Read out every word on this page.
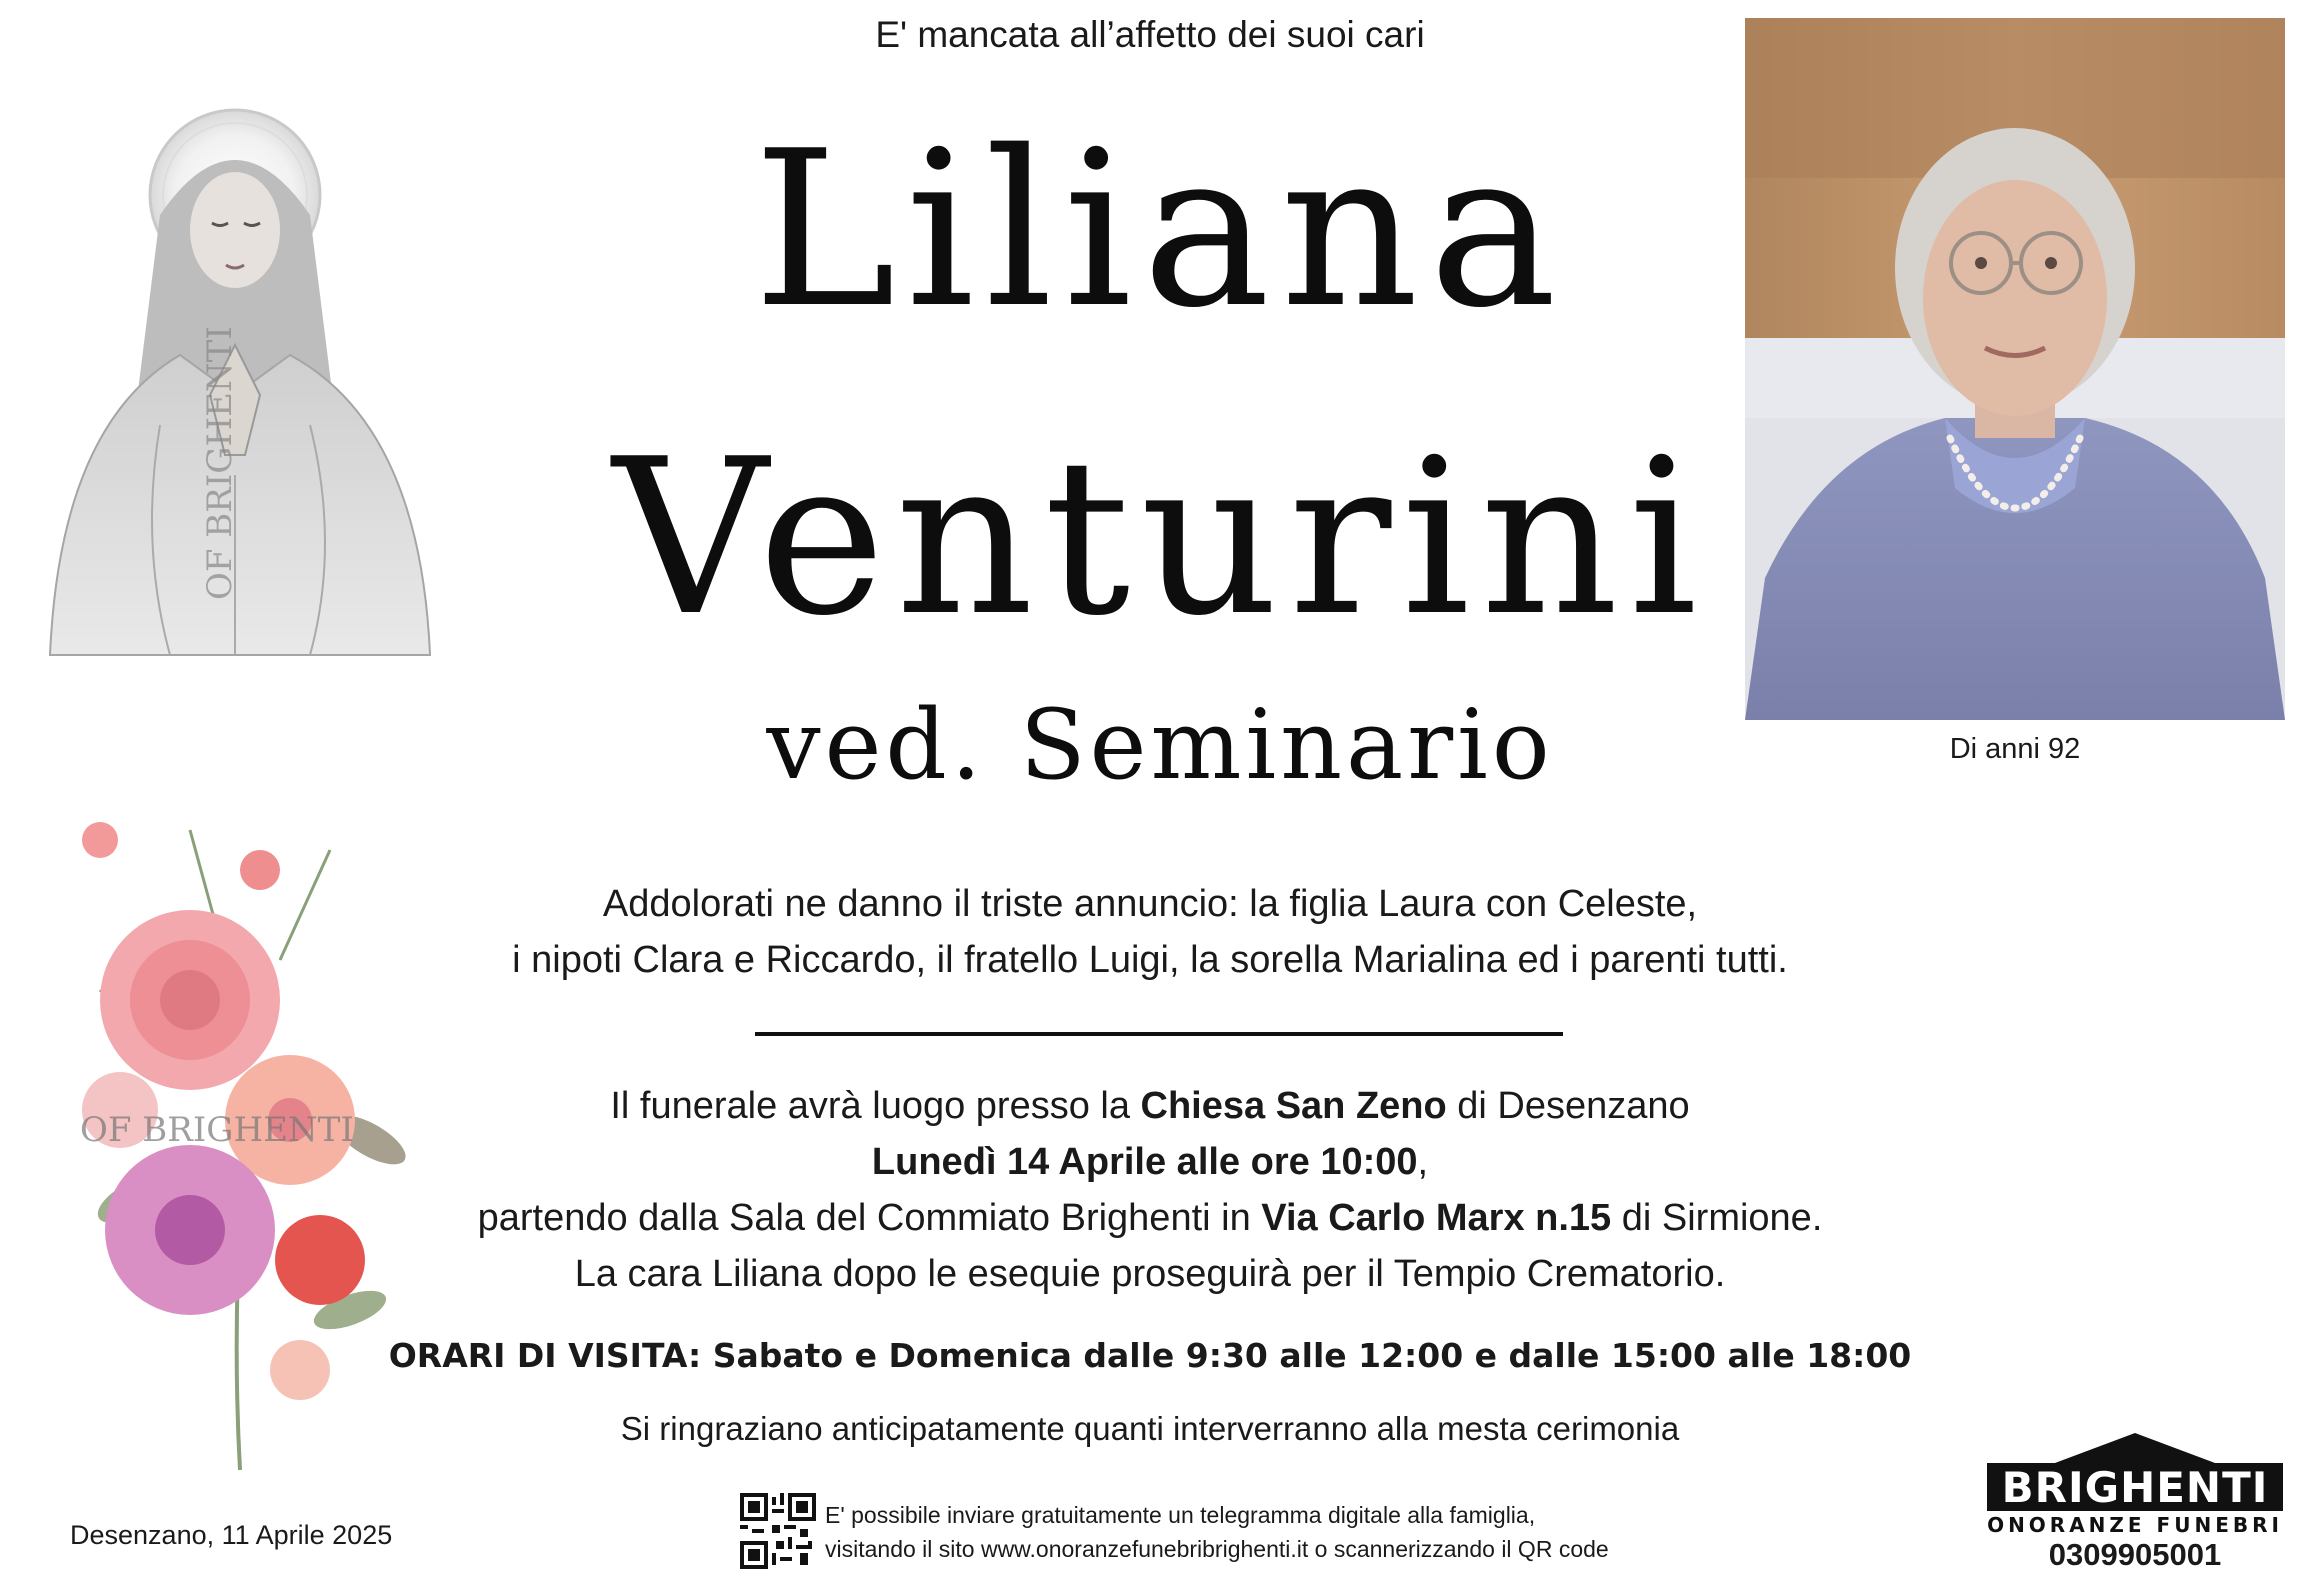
E' mancata all’affetto dei suoi cari
Liliana
Venturini
ved. Seminario
OF BRIGHENTI
OF BRIGHENTI
Di anni 92
Addolorati ne danno il triste annuncio: la figlia Laura con Celeste,
i nipoti Clara e Riccardo, il fratello Luigi, la sorella Marialina ed i parenti tutti.
Il funerale avrà luogo presso la Chiesa San Zeno di Desenzano
Lunedì 14 Aprile alle ore 10:00,
partendo dalla Sala del Commiato Brighenti in Via Carlo Marx n.15 di Sirmione.
La cara Liliana dopo le esequie proseguirà per il Tempio Crematorio.
ORARI DI VISITA: Sabato e Domenica dalle 9:30 alle 12:00 e dalle 15:00 alle 18:00
Si ringraziano anticipatamente quanti interverranno alla mesta cerimonia
Desenzano, 11 Aprile 2025
E' possibile inviare gratuitamente un telegramma digitale alla famiglia,
visitando il sito www.onoranzefunebribrighenti.it o scannerizzando il QR code
BRIGHENTI
ONORANZE FUNEBRI
0309905001
